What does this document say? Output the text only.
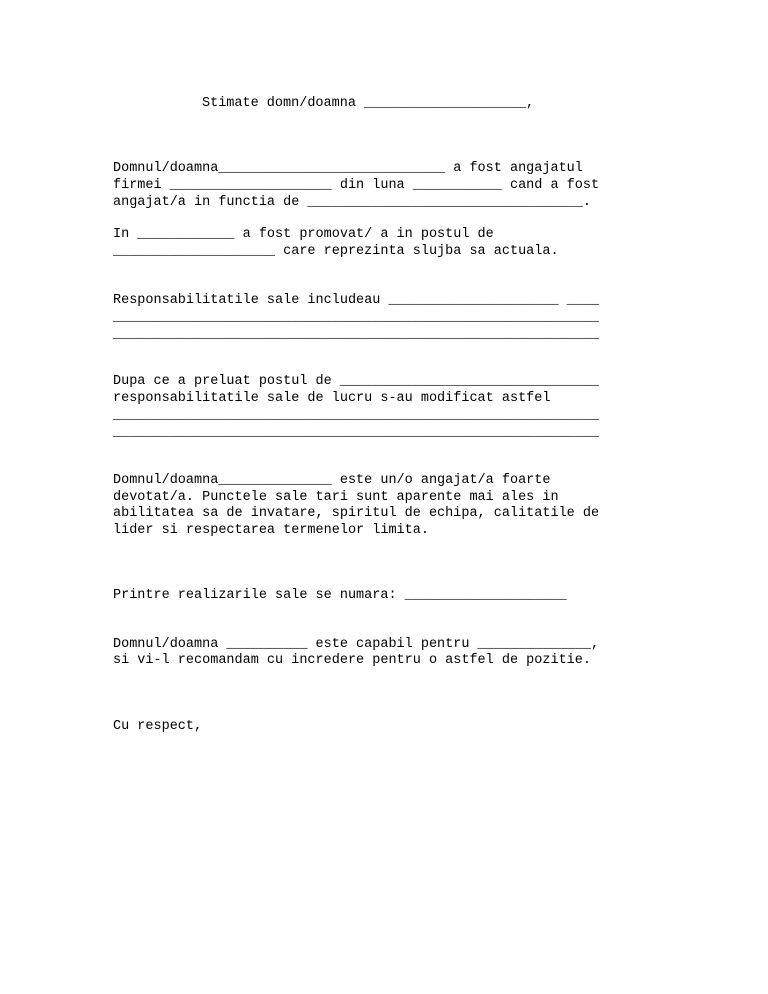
Stimate domn/doamna ____________________,

Domnul/doamna____________________________ a fost angajatul

firmei ____________________ din luna ___________ cand a fost

angajat/a in functia de __________________________________.

In ____________ a fost promovat/ a in postul de

____________________ care reprezinta slujba sa actuala.

Responsabilitatile sale includeau _____________________ ____

____________________________________________________________

____________________________________________________________

Dupa ce a preluat postul de ________________________________

responsabilitatile sale de lucru s-au modificat astfel

____________________________________________________________

____________________________________________________________

Domnul/doamna______________ este un/o angajat/a foarte

devotat/a. Punctele sale tari sunt aparente mai ales in

abilitatea sa de invatare, spiritul de echipa, calitatile de

lider si respectarea termenelor limita.

Printre realizarile sale se numara: ____________________

Domnul/doamna __________ este capabil pentru ______________,

si vi-l recomandam cu incredere pentru o astfel de pozitie.

Cu respect,
